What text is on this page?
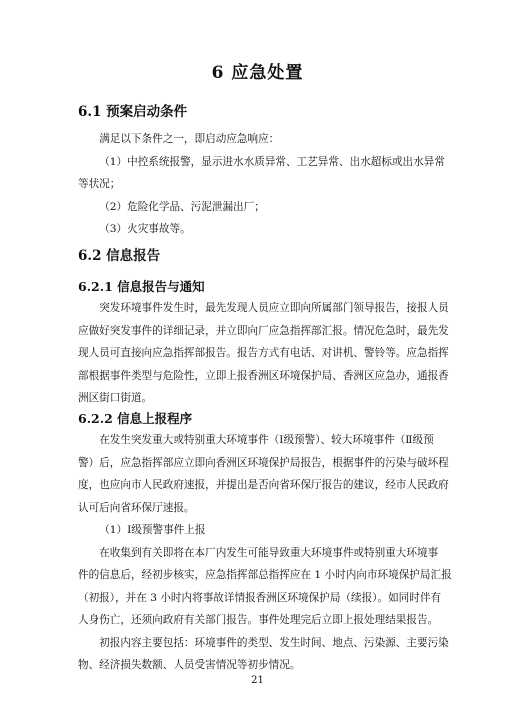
6 应急处置
6.1 预案启动条件
满足以下条件之一，即启动应急响应：
（1）中控系统报警，显示进水水质异常、工艺异常、出水超标或出水异常
等状况；
（2）危险化学品、污泥泄漏出厂；
（3）火灾事故等。
6.2 信息报告
6.2.1 信息报告与通知
突发环境事件发生时，最先发现人员应立即向所属部门领导报告，接报人员
应做好突发事件的详细记录，并立即向厂应急指挥部汇报。情况危急时，最先发
现人员可直接向应急指挥部报告。报告方式有电话、对讲机、警铃等。应急指挥
部根据事件类型与危险性，立即上报香洲区环境保护局、香洲区应急办，通报香
洲区街口街道。
6.2.2 信息上报程序
在发生突发重大或特别重大环境事件（Ⅰ级预警）、较大环境事件（Ⅱ级预
警）后，应急指挥部应立即向香洲区环境保护局报告，根据事件的污染与破坏程
度，也应向市人民政府速报，并提出是否向省环保厅报告的建议，经市人民政府
认可后向省环保厅速报。
（1）Ⅰ级预警事件上报
在收集到有关即将在本厂内发生可能导致重大环境事件或特别重大环境事
件的信息后，经初步核实，应急指挥部总指挥应在 1 小时内向市环境保护局汇报
（初报），并在 3 小时内将事故详情报香洲区环境保护局（续报）。如同时伴有
人身伤亡，还须向政府有关部门报告。事件处理完后立即上报处理结果报告。
初报内容主要包括：环境事件的类型、发生时间、地点、污染源、主要污染
物、经济损失数额、人员受害情况等初步情况。
21
